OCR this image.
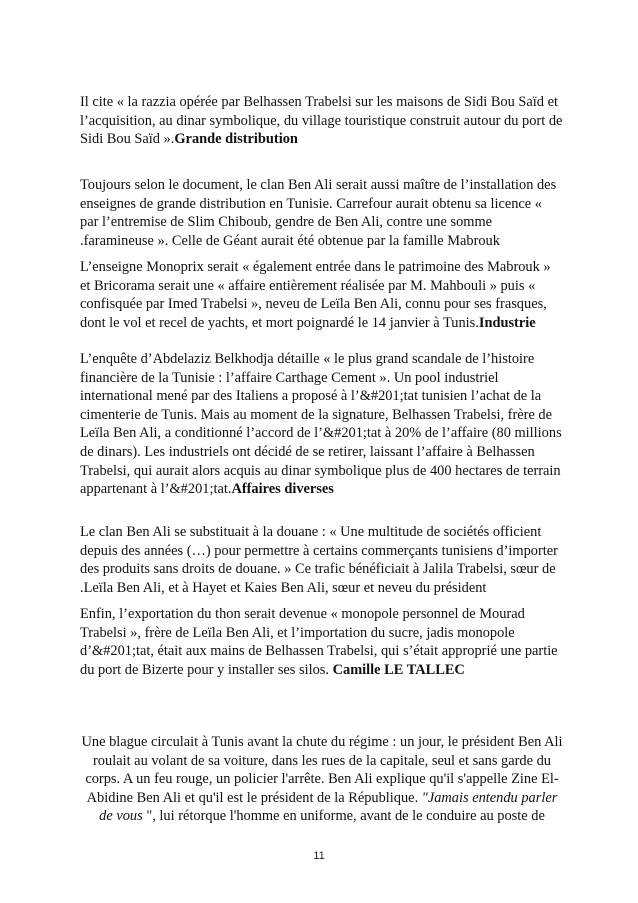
Il cite « la razzia opérée par Belhassen Trabelsi sur les maisons de Sidi Bou Saïd et
l’acquisition, au dinar symbolique, du village touristique construit autour du port de
Sidi Bou Saïd ».Grande distribution
Toujours selon le document, le clan Ben Ali serait aussi maître de l’installation des
enseignes de grande distribution en Tunisie. Carrefour aurait obtenu sa licence «
par l’entremise de Slim Chiboub, gendre de Ben Ali, contre une somme
.faramineuse ». Celle de Géant aurait été obtenue par la famille Mabrouk
L’enseigne Monoprix serait « également entrée dans le patrimoine des Mabrouk »
et Bricorama serait une « affaire entièrement réalisée par M. Mahbouli » puis «
confisquée par Imed Trabelsi », neveu de Leïla Ben Ali, connu pour ses frasques,
dont le vol et recel de yachts, et mort poignardé le 14 janvier à Tunis.Industrie
L’enquête d’Abdelaziz Belkhodja détaille « le plus grand scandale de l’histoire
financière de la Tunisie : l’affaire Carthage Cement ». Un pool industriel
international mené par des Italiens a proposé à l’&#201;tat tunisien l’achat de la
cimenterie de Tunis. Mais au moment de la signature, Belhassen Trabelsi, frère de
Leïla Ben Ali, a conditionné l’accord de l’&#201;tat à 20% de l’affaire (80 millions
de dinars). Les industriels ont décidé de se retirer, laissant l’affaire à Belhassen
Trabelsi, qui aurait alors acquis au dinar symbolique plus de 400 hectares de terrain
appartenant à l’&#201;tat.Affaires diverses
Le clan Ben Ali se substituait à la douane : « Une multitude de sociétés officient
depuis des années (…) pour permettre à certains commerçants tunisiens d’importer
des produits sans droits de douane. » Ce trafic bénéficiait à Jalila Trabelsi, sœur de
.Leïla Ben Ali, et à Hayet et Kaies Ben Ali, sœur et neveu du président
Enfin, l’exportation du thon serait devenue « monopole personnel de Mourad
Trabelsi », frère de Leïla Ben Ali, et l’importation du sucre, jadis monopole
d’&#201;tat, était aux mains de Belhassen Trabelsi, qui s’était approprié une partie
du port de Bizerte pour y installer ses silos. Camille LE TALLEC
Une blague circulait à Tunis avant la chute du régime : un jour, le président Ben Ali
roulait au volant de sa voiture, dans les rues de la capitale, seul et sans garde du
corps. A un feu rouge, un policier l'arrête. Ben Ali explique qu'il s'appelle Zine El-
Abidine Ben Ali et qu'il est le président de la République. "Jamais entendu parler
de vous ", lui rétorque l'homme en uniforme, avant de le conduire au poste de
11
